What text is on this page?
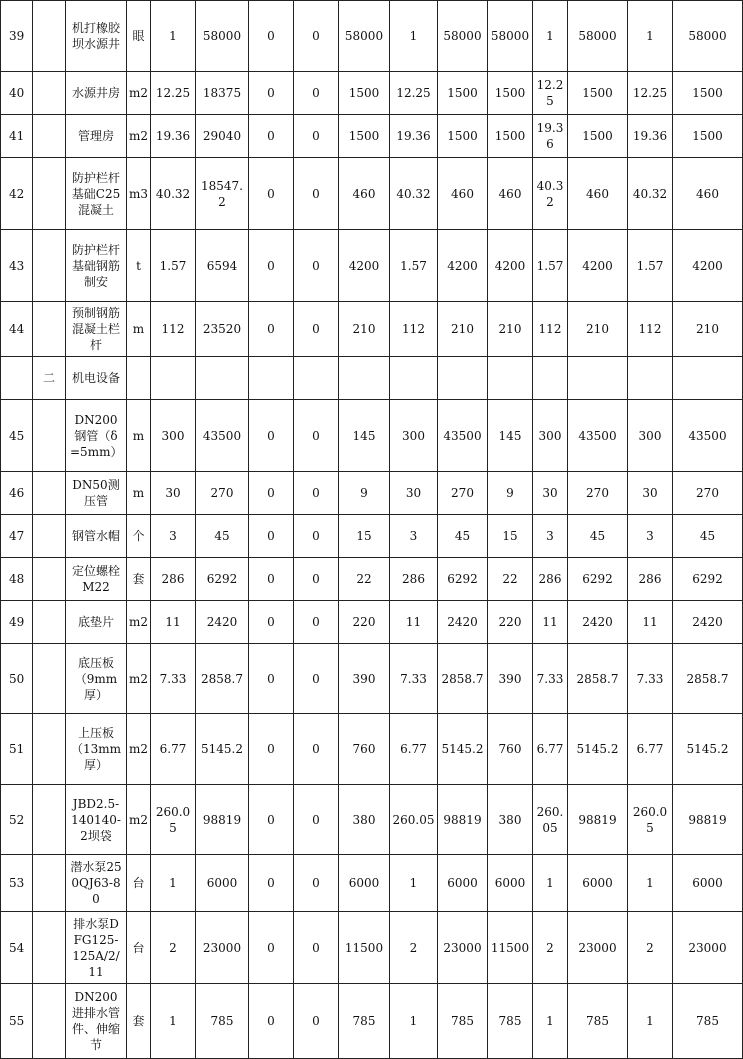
39		机打橡胶坝水源井	眼	1	58000	0	0	58000	1	58000	58000	1	58000	1	58000
40		水源井房	m2	12.25	18375	0	0	1500	12.25	1500	1500	12.25	1500	12.25	1500
41		管理房	m2	19.36	29040	0	0	1500	19.36	1500	1500	19.36	1500	19.36	1500
42		防护栏杆基础C25混凝土	m3	40.32	18547.2	0	0	460	40.32	460	460	40.32	460	40.32	460
43		防护栏杆基础钢筋制安	t	1.57	6594	0	0	4200	1.57	4200	4200	1.57	4200	1.57	4200
44		预制钢筋混凝土栏杆	m	112	23520	0	0	210	112	210	210	112	210	112	210
	二	机电设备													
45		DN200钢管（δ=5mm）	m	300	43500	0	0	145	300	43500	145	300	43500	300	43500
46		DN50测压管	m	30	270	0	0	9	30	270	9	30	270	30	270
47		钢管水帽	个	3	45	0	0	15	3	45	15	3	45	3	45
48		定位螺栓M22	套	286	6292	0	0	22	286	6292	22	286	6292	286	6292
49		底垫片	m2	11	2420	0	0	220	11	2420	220	11	2420	11	2420
50		底压板（9mm厚）	m2	7.33	2858.7	0	0	390	7.33	2858.7	390	7.33	2858.7	7.33	2858.7
51		上压板（13mm厚）	m2	6.77	5145.2	0	0	760	6.77	5145.2	760	6.77	5145.2	6.77	5145.2
52		JBD2.5-140140-2坝袋	m2	260.05	98819	0	0	380	260.05	98819	380	260.05	98819	260.05	98819
53		潜水泵250QJ63-80	台	1	6000	0	0	6000	1	6000	6000	1	6000	1	6000
54		排水泵DFG125-125A/2/11	台	2	23000	0	0	11500	2	23000	11500	2	23000	2	23000
55		DN200进排水管件、伸缩节	套	1	785	0	0	785	1	785	785	1	785	1	785
